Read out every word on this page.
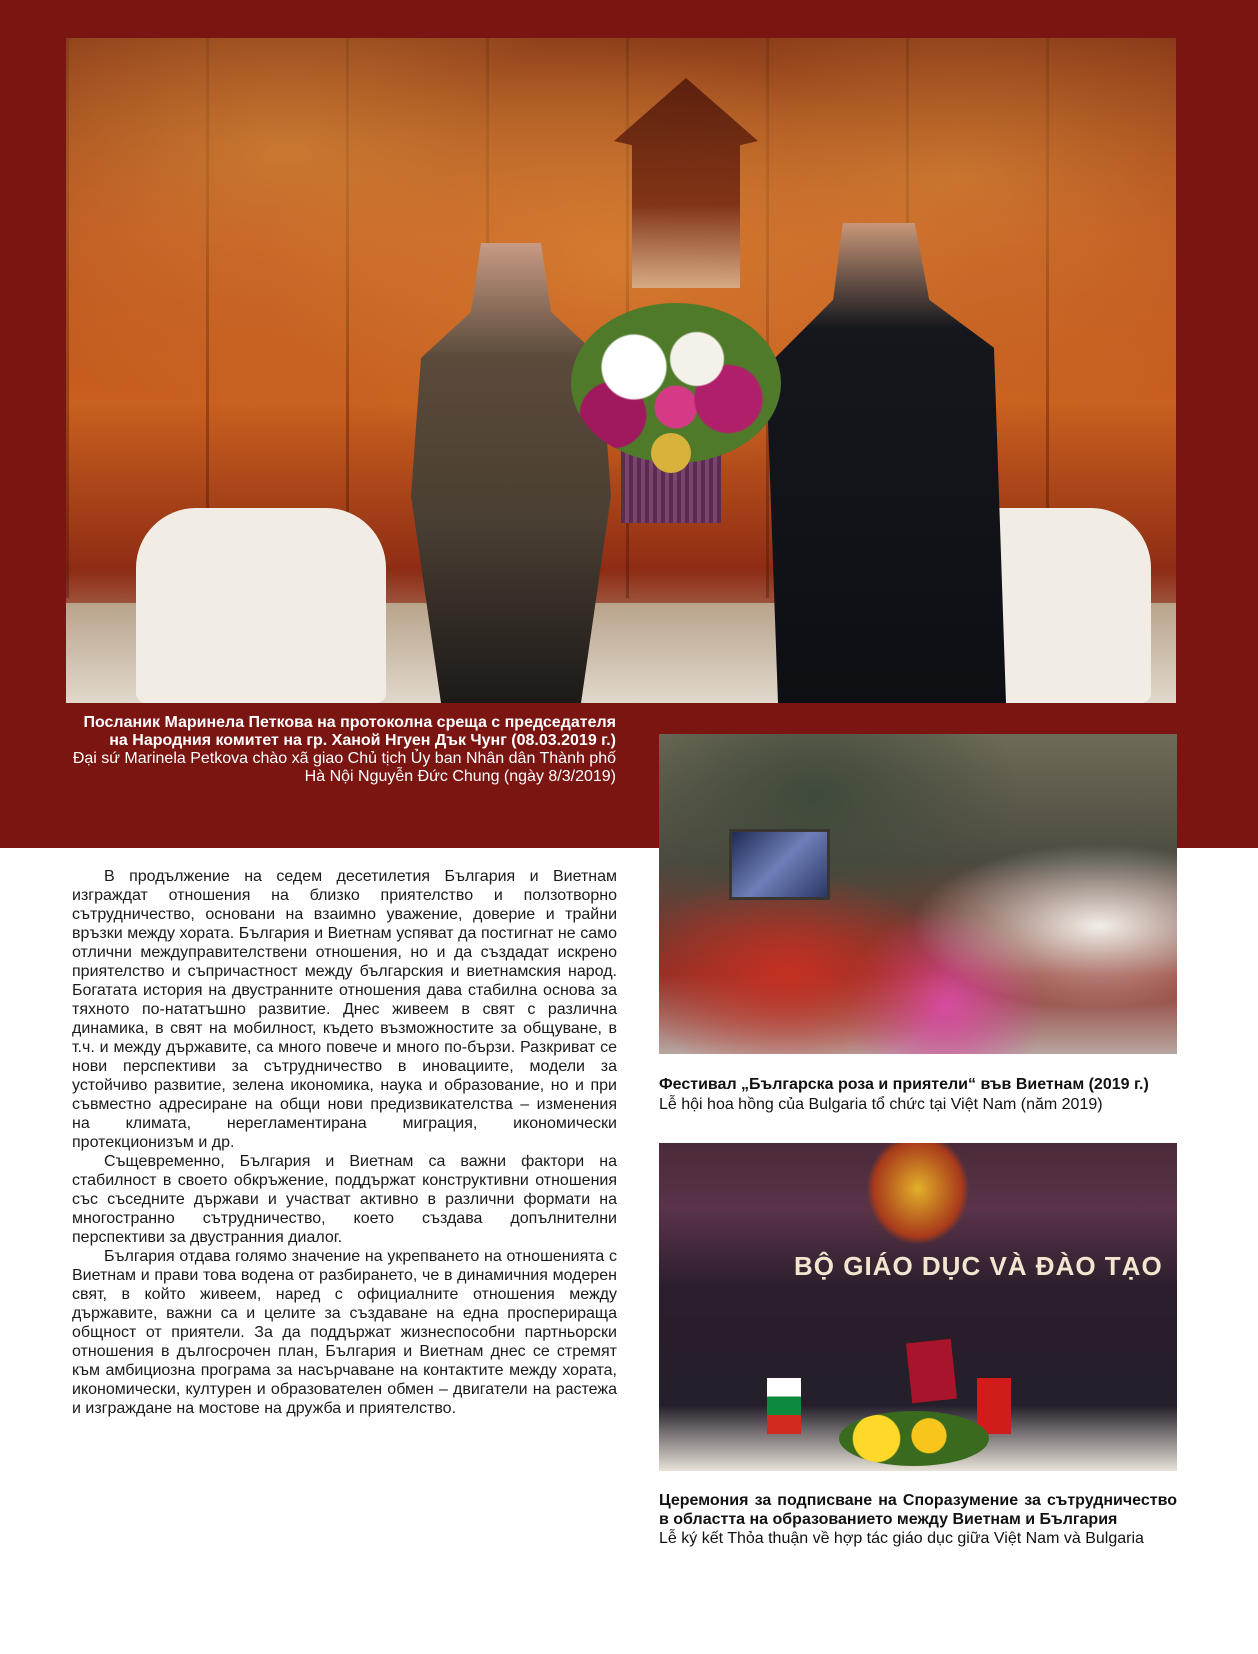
Посланик Маринела Петкова на протоколна среща с председателя на Народния комитет на гр. Ханой Нгуен Дък Чунг (08.03.2019 г.)
Đại sứ Marinela Petkova chào xã giao Chủ tịch Ủy ban Nhân dân Thành phố Hà Nội Nguyễn Đức Chung (ngày 8/3/2019)
Фестивал „Българска роза и приятели“ във Виетнам (2019 г.)
Lễ hội hoa hồng của Bulgaria tổ chức tại Việt Nam (năm 2019)
BỘ GIÁO DỤC VÀ ĐÀO TẠO
Церемония за подписване на Споразумение за сътрудничество в областта на образованието между Виетнам и България
Lễ ký kết Thỏa thuận về hợp tác giáo dục giữa Việt Nam và Bulgaria

В продължение на седем десетилетия България и Виетнам изграждат отношения на близко приятелство и ползотворно сътрудничество, основани на взаимно уважение, доверие и трайни връзки между хората. България и Виетнам успяват да постигнат не само отлични междуправителствени отношения, но и да създадат искрено приятелство и съпричастност между българския и виетнамския народ. Богатата история на двустранните отношения дава стабилна основа за тяхното по-нататъшно развитие. Днес живеем в свят с различна динамика, в свят на мобилност, където възможностите за общуване, в т.ч. и между държавите, са много повече и много по-бързи. Разкриват се нови перспективи за сътрудничество в иновациите, модели за устойчиво развитие, зелена икономика, наука и образование, но и при съвместно адресиране на общи нови предизвикателства – изменения на климата, нерегламентирана миграция, икономически протекционизъм и др.

Същевременно, България и Виетнам са важни фактори на стабилност в своето обкръжение, поддържат конструктивни отношения със съседните държави и участват активно в различни формати на многостранно сътрудничество, което създава допълнителни перспективи за двустранния диалог.

България отдава голямо значение на укрепването на отношенията с Виетнам и прави това водена от разбирането, че в динамичния модерен свят, в който живеем, наред с официалните отношения между държавите, важни са и целите за създаване на една просперираща общност от приятели. За да поддържат жизнеспособни партньорски отношения в дългосрочен план, България и Виетнам днес се стремят към амбициозна програма за насърчаване на контактите между хората, икономически, културен и образователен обмен – двигатели на растежа и изграждане на мостове на дружба и приятелство.
